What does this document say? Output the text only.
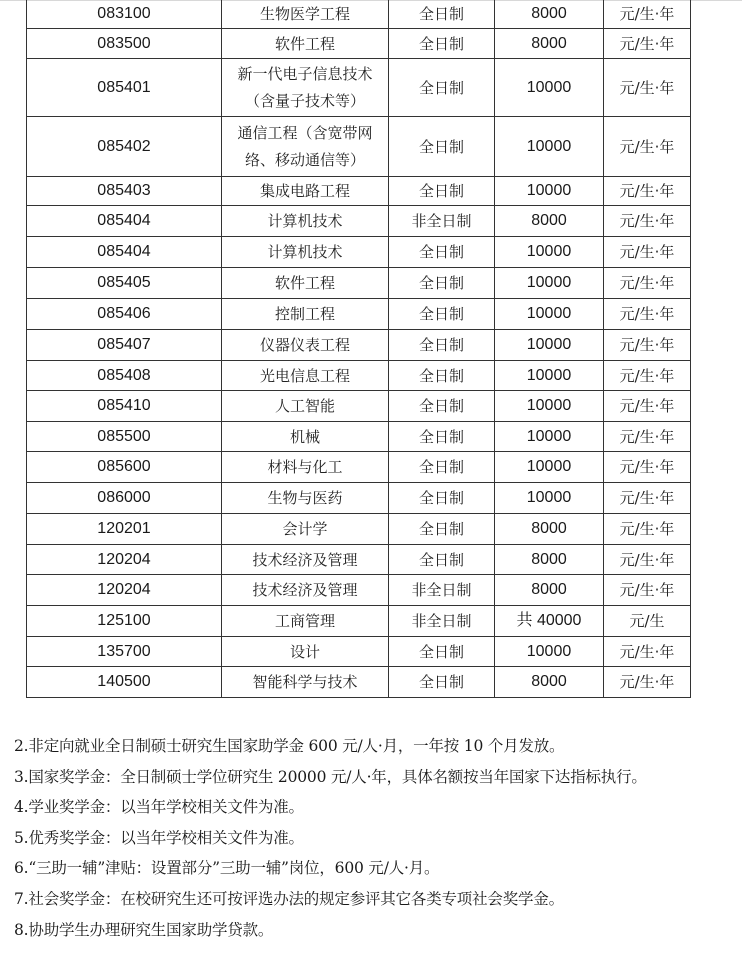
083100	生物医学工程	全日制	8000	元/生·年
083500	软件工程	全日制	8000	元/生·年
085401	新一代电子信息技术（含量子技术等）	全日制	10000	元/生·年
085402	通信工程（含宽带网络、移动通信等）	全日制	10000	元/生·年
085403	集成电路工程	全日制	10000	元/生·年
085404	计算机技术	非全日制	8000	元/生·年
085404	计算机技术	全日制	10000	元/生·年
085405	软件工程	全日制	10000	元/生·年
085406	控制工程	全日制	10000	元/生·年
085407	仪器仪表工程	全日制	10000	元/生·年
085408	光电信息工程	全日制	10000	元/生·年
085410	人工智能	全日制	10000	元/生·年
085500	机械	全日制	10000	元/生·年
085600	材料与化工	全日制	10000	元/生·年
086000	生物与医药	全日制	10000	元/生·年
120201	会计学	全日制	8000	元/生·年
120204	技术经济及管理	全日制	8000	元/生·年
120204	技术经济及管理	非全日制	8000	元/生·年
125100	工商管理	非全日制	共 40000	元/生
135700	设计	全日制	10000	元/生·年
140500	智能科学与技术	全日制	8000	元/生·年
2.非定向就业全日制硕士研究生国家助学金 600 元/人·月，一年按 10 个月发放。
3.国家奖学金：全日制硕士学位研究生 20000 元/人·年，具体名额按当年国家下达指标执行。
4.学业奖学金：以当年学校相关文件为准。
5.优秀奖学金：以当年学校相关文件为准。
6.“三助一辅”津贴：设置部分”三助一辅”岗位，600 元/人·月。
7.社会奖学金：在校研究生还可按评选办法的规定参评其它各类专项社会奖学金。
8.协助学生办理研究生国家助学贷款。
